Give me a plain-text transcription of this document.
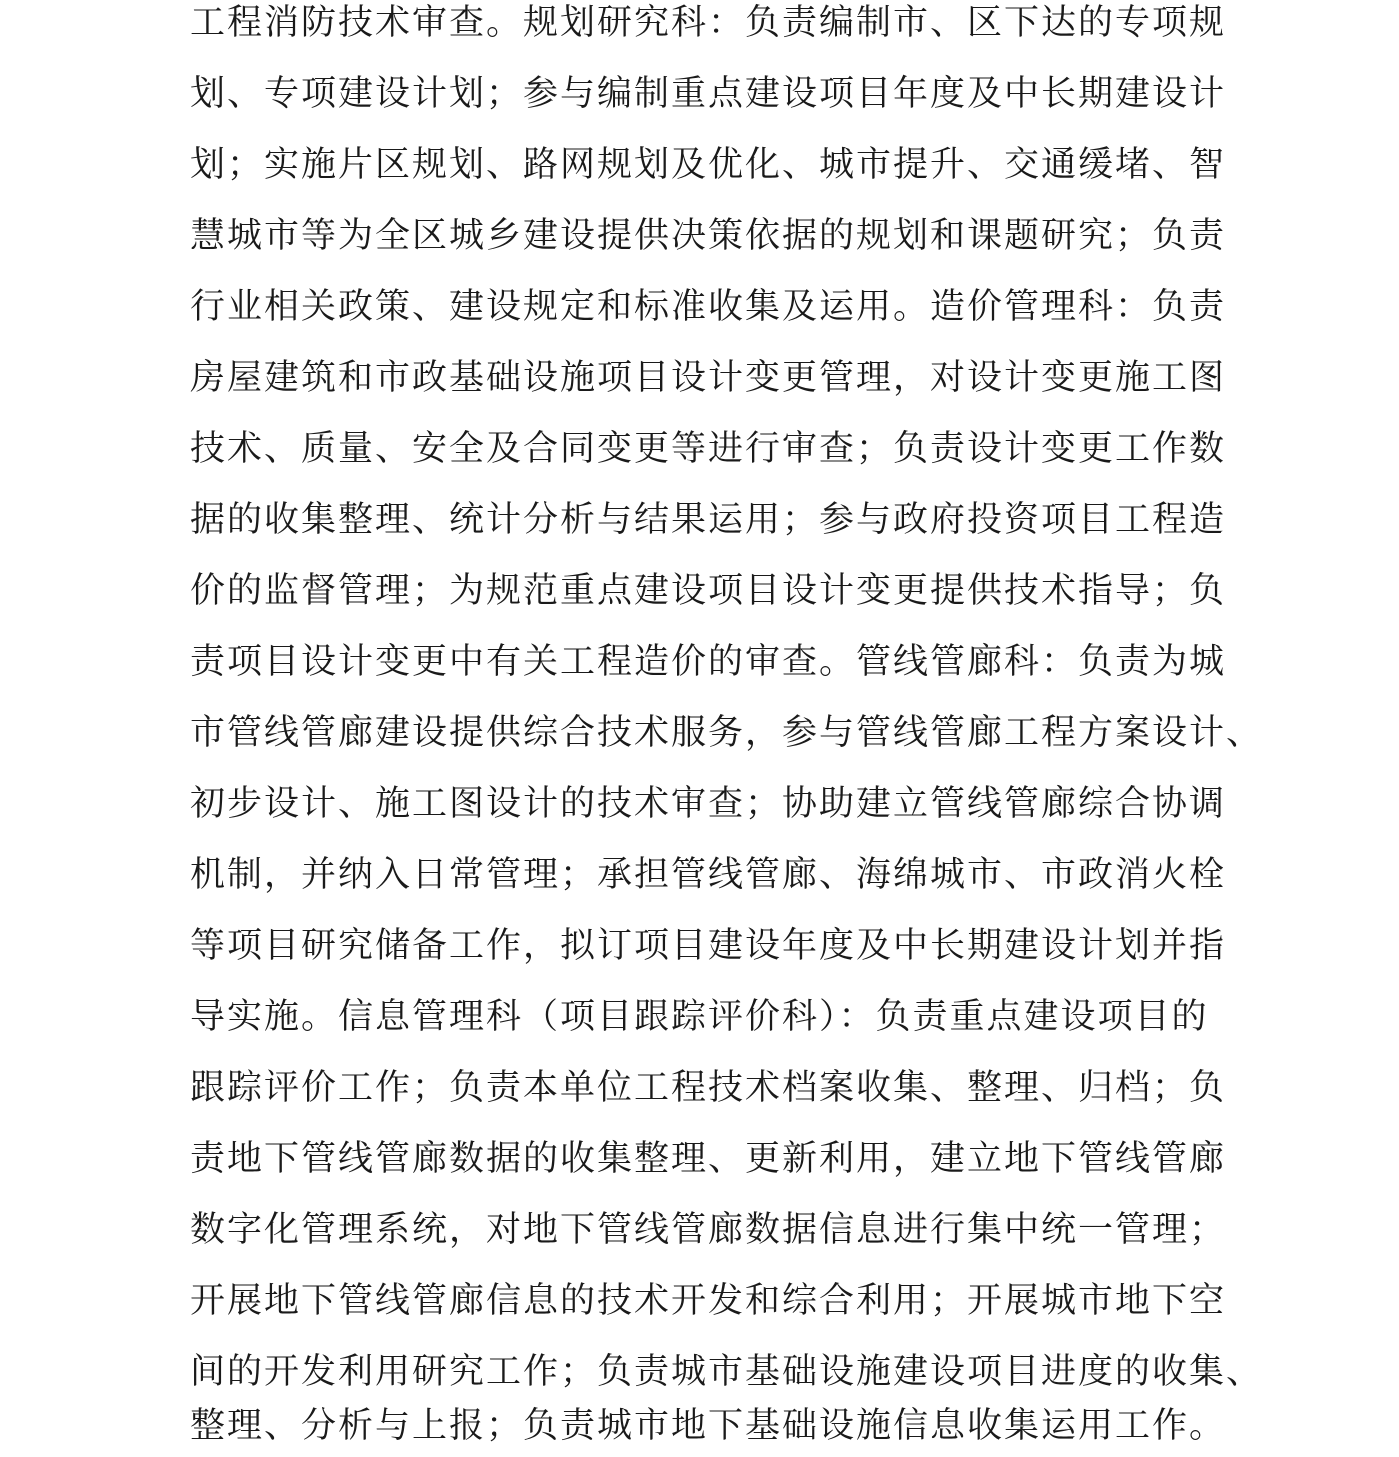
工程消防技术审查。规划研究科：负责编制市、区下达的专项规
划、专项建设计划；参与编制重点建设项目年度及中长期建设计
划；实施片区规划、路网规划及优化、城市提升、交通缓堵、智
慧城市等为全区城乡建设提供决策依据的规划和课题研究；负责
行业相关政策、建设规定和标准收集及运用。造价管理科：负责
房屋建筑和市政基础设施项目设计变更管理，对设计变更施工图
技术、质量、安全及合同变更等进行审查；负责设计变更工作数
据的收集整理、统计分析与结果运用；参与政府投资项目工程造
价的监督管理；为规范重点建设项目设计变更提供技术指导；负
责项目设计变更中有关工程造价的审查。管线管廊科：负责为城
市管线管廊建设提供综合技术服务，参与管线管廊工程方案设计、
初步设计、施工图设计的技术审查；协助建立管线管廊综合协调
机制，并纳入日常管理；承担管线管廊、海绵城市、市政消火栓
等项目研究储备工作，拟订项目建设年度及中长期建设计划并指
导实施。信息管理科（项目跟踪评价科）：负责重点建设项目的
跟踪评价工作；负责本单位工程技术档案收集、整理、归档；负
责地下管线管廊数据的收集整理、更新利用，建立地下管线管廊
数字化管理系统，对地下管线管廊数据信息进行集中统一管理；
开展地下管线管廊信息的技术开发和综合利用；开展城市地下空
间的开发利用研究工作；负责城市基础设施建设项目进度的收集、
整理、分析与上报；负责城市地下基础设施信息收集运用工作。
